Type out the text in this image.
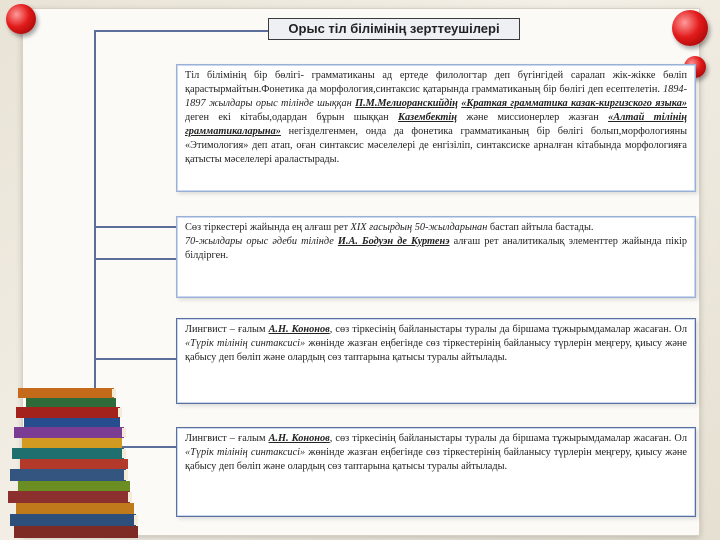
Орыс тіл білімінің зерттеушілері
Тіл білімінің бір бөлігі- грамматиканы ад ертеде филологтар деп бүгінгідей саралап жік-жікке бөліп қарастырмайтын.Фонетика да морфология,синтаксис қатарында грамматиканың бір бөлігі деп есептелетін. 1894-1897 жылдары орыс тілінде шыққан П.М.Мелиоранскийдің «Краткая грамматика казак-киргизского языка» деген екі кітабы,одардан бұрын шыққан Казембектің және миссионерлер жазған «Алтай тілінің грамматикаларына» негізделгенмен, онда да фонетика грамматиканың бір бөлігі болып,морфологияны «Этимология» деп атап, оған синтаксис мәселелері де енгізіліп, синтаксиске арналған кітабында морфологияға қатысты мәселелері араластырады.
Сөз тіркестері жайында ең алғаш рет XIX ғасырдың 50-жылдарынан бастап айтыла бастады.
70-жылдары орыс әдеби тілінде И.А. Бодуэн де Куртенэ алғаш рет аналитикалық элементтер жайында пікір білдірген.
Лингвист – ғалым А.Н. Кононов, сөз тіркесінің байланыстары туралы да біршама тұжырымдамалар жасаған. Ол «Түрік тілінің синтаксисі» жөнінде жазған еңбегінде сөз тіркестерінің байланысу түрлерін меңгеру, қиысу және қабысу деп бөліп және олардың сөз таптарына қатысы туралы айтылады.
Лингвист – ғалым А.Н. Кононов, сөз тіркесінің байланыстары туралы да біршама тұжырымдамалар жасаған. Ол «Түрік тілінің синтаксисі» жөнінде жазған еңбегінде сөз тіркестерінің байланысу түрлерін меңгеру, қиысу және қабысу деп бөліп және олардың сөз таптарына қатысы туралы айтылады.
